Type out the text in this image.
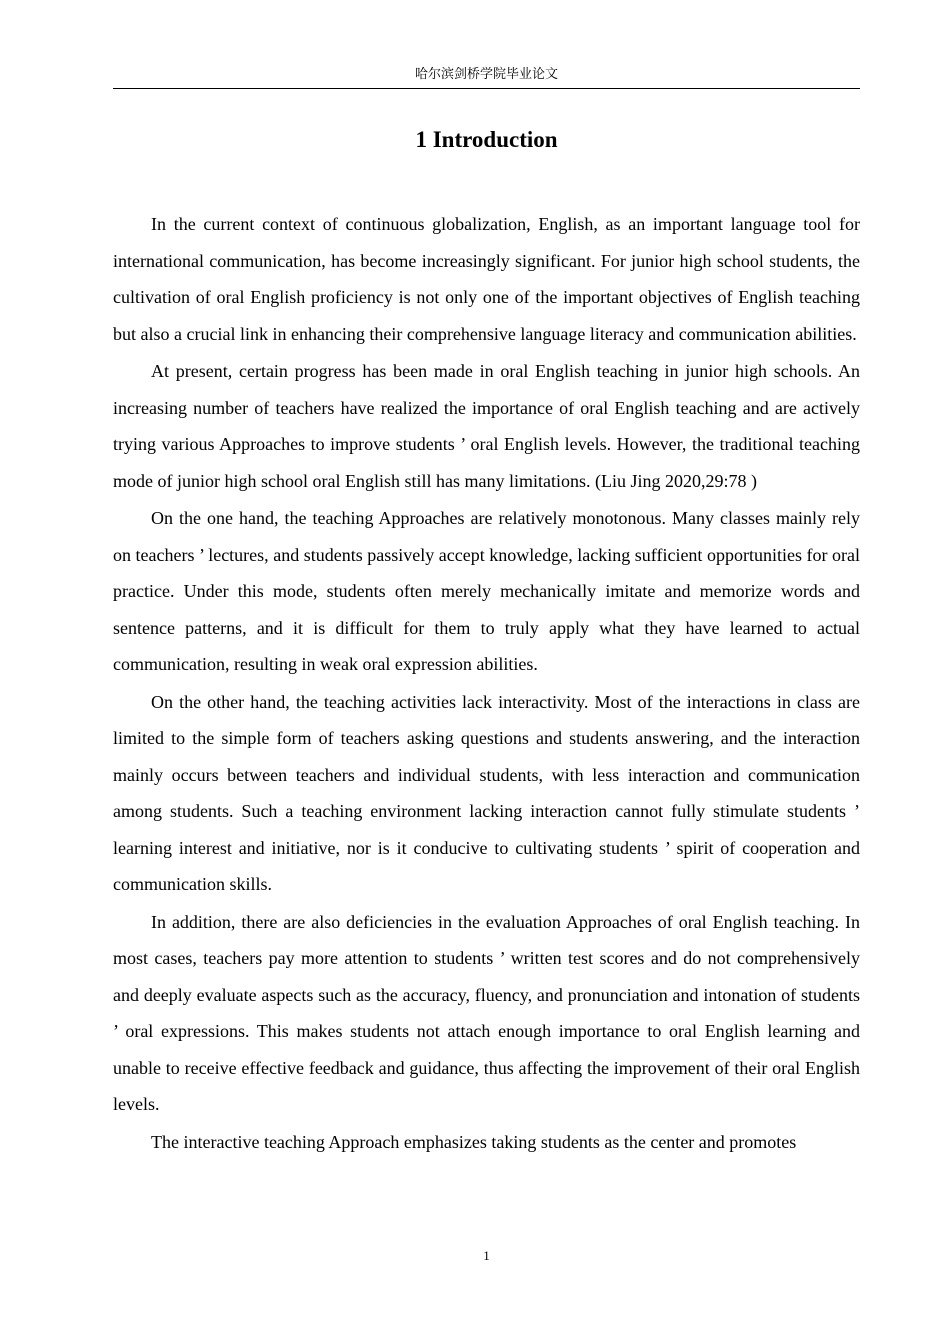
哈尔滨剑桥学院毕业论文
1 Introduction

In the current context of continuous globalization, English, as an important language tool for international communication, has become increasingly significant. For junior high school students, the cultivation of oral English proficiency is not only one of the important objectives of English teaching but also a crucial link in enhancing their comprehensive language literacy and communication abilities.

At present, certain progress has been made in oral English teaching in junior high schools. An increasing number of teachers have realized the importance of oral English teaching and are actively trying various Approaches to improve students ’ oral English levels. However, the traditional teaching mode of junior high school oral English still has many limitations. (Liu Jing 2020,29:78 )

On the one hand, the teaching Approaches are relatively monotonous. Many classes mainly rely on teachers ’ lectures, and students passively accept knowledge, lacking sufficient opportunities for oral practice. Under this mode, students often merely mechanically imitate and memorize words and sentence patterns, and it is difficult for them to truly apply what they have learned to actual communication, resulting in weak oral expression abilities.

On the other hand, the teaching activities lack interactivity. Most of the interactions in class are limited to the simple form of teachers asking questions and students answering, and the interaction mainly occurs between teachers and individual students, with less interaction and communication among students. Such a teaching environment lacking interaction cannot fully stimulate students ’ learning interest and initiative, nor is it conducive to cultivating students ’ spirit of cooperation and communication skills.

In addition, there are also deficiencies in the evaluation Approaches of oral English teaching. In most cases, teachers pay more attention to students ’ written test scores and do not comprehensively and deeply evaluate aspects such as the accuracy, fluency, and pronunciation and intonation of students ’ oral expressions. This makes students not attach enough importance to oral English learning and unable to receive effective feedback and guidance, thus affecting the improvement of their oral English levels.

The interactive teaching Approach emphasizes taking students as the center and promotes

1
